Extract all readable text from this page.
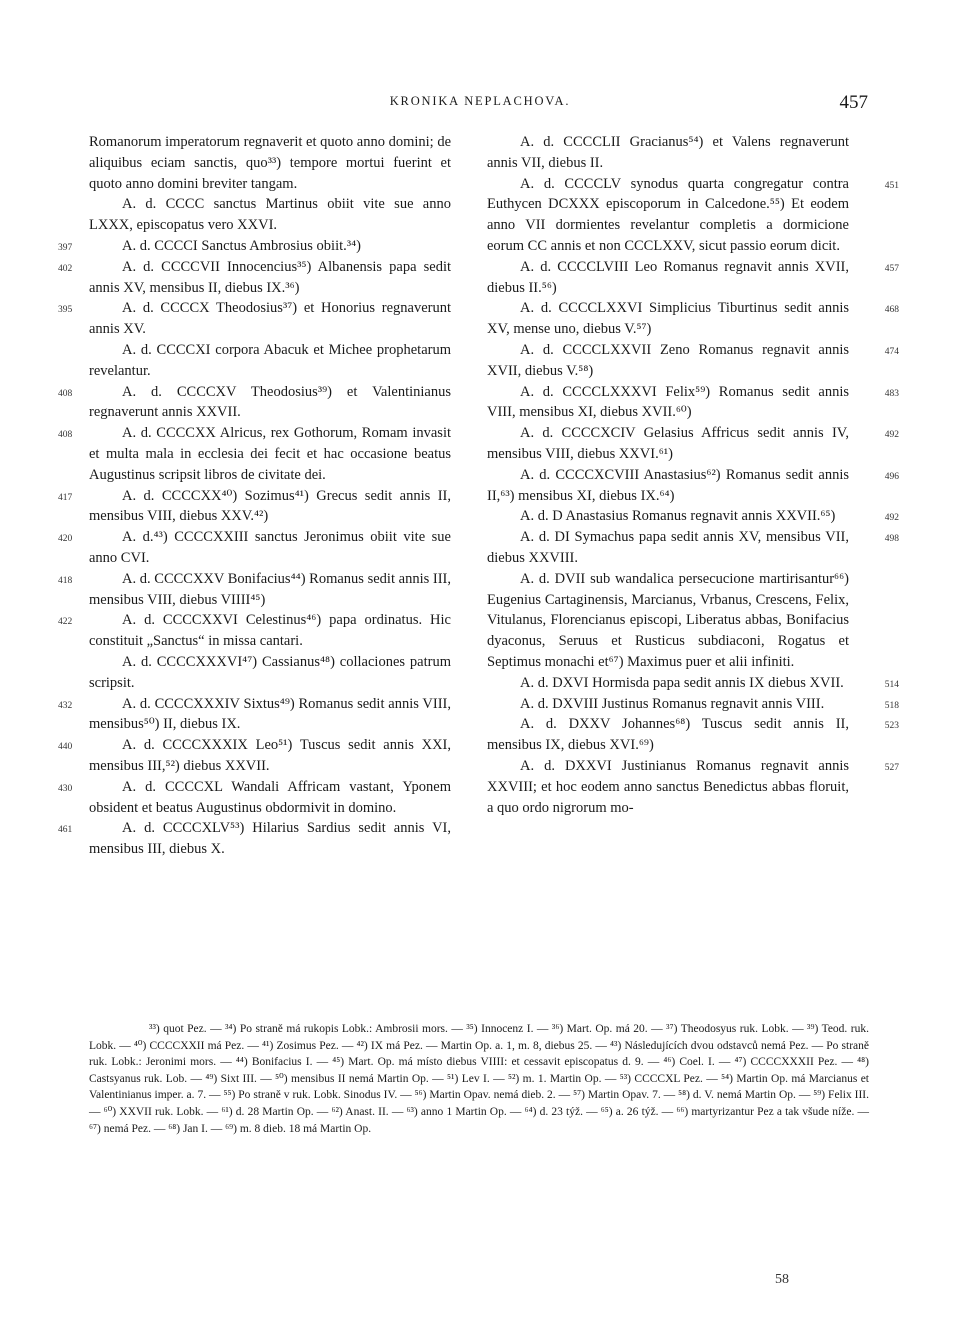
KRONIKA NEPLACHOVA.	457

Romanorum imperatorum regnaverit et quoto anno domini; de aliquibus eciam sanctis, quo³³) tempore mortui fuerint et quoto anno domini breviter tangam.

A. d. CCCC sanctus Martinus obiit vite sue anno LXXX, episcopatus vero XXVI.

397	A. d. CCCCI Sanctus Ambrosius obiit.³⁴)

402	A. d. CCCCVII Innocencius³⁵) Albanensis papa sedit annis XV, mensibus II, diebus IX.³⁶)

395	A. d. CCCCX Theodosius³⁷) et Honorius regnaverunt annis XV.

A. d. CCCCXI corpora Abacuk et Michee prophetarum revelantur.

408	A. d. CCCCXV Theodosius³⁹) et Valentinianus regnaverunt annis XXVII.

408	A. d. CCCCXX Alricus, rex Gothorum, Romam invasit et multa mala in ecclesia dei fecit et hac occasione beatus Augustinus scripsit libros de civitate dei.

417	A. d. CCCCXX⁴⁰) Sozimus⁴¹) Grecus sedit annis II, mensibus VIII, diebus XXV.⁴²)

420	A. d.⁴³) CCCCXXIII sanctus Jeronimus obiit vite sue anno CVI.

418	A. d. CCCCXXV Bonifacius⁴⁴) Romanus sedit annis III, mensibus VIII, diebus VIIII⁴⁵)

422	A. d. CCCCXXVI Celestinus⁴⁶) papa ordinatus. Hic constituit „Sanctus“ in missa cantari.

A. d. CCCCXXXVI⁴⁷) Cassianus⁴⁸) collaciones patrum scripsit.

432	A. d. CCCCXXXIV Sixtus⁴⁹) Romanus sedit annis VIII, mensibus⁵⁰) II, diebus IX.

440	A. d. CCCCXXXIX Leo⁵¹) Tuscus sedit annis XXI, mensibus III,⁵²) diebus XXVII.

430	A. d. CCCCXL Wandali Affricam vastant, Yponem obsident et beatus Augustinus obdormivit in domino.

461	A. d. CCCCXLV⁵³) Hilarius Sardius sedit annis VI, mensibus III, diebus X.

A. d. CCCCLII Gracianus⁵⁴) et Valens regnaverunt annis VII, diebus II.

451
A. d. CCCCLV synodus quarta congregatur contra Euthycen DCXXX episcoporum in Calcedone.⁵⁵) Et eodem anno VII dormientes revelantur completis a dormicione eorum CC annis et non CCCLXXV, sicut passio eorum dicit.

457
A. d. CCCCLVIII Leo Romanus regnavit annis XVII, diebus II.⁵⁶)

468
A. d. CCCCLXXVI Simplicius Tiburtinus sedit annis XV, mense uno, diebus V.⁵⁷)

474
A. d. CCCCLXXVII Zeno Romanus regnavit annis XVII, diebus V.⁵⁸)

483
A. d. CCCCLXXXVI Felix⁵⁹) Romanus sedit annis VIII, mensibus XI, diebus XVII.⁶⁰)

492
A. d. CCCCXCIV Gelasius Affricus sedit annis IV, mensibus VIII, diebus XXVI.⁶¹)

496
A. d. CCCCXCVIII Anastasius⁶²) Romanus sedit annis II,⁶³) mensibus XI, diebus IX.⁶⁴)

492
A. d. D Anastasius Romanus regnavit annis XXVII.⁶⁵)

498
A. d. DI Symachus papa sedit annis XV, mensibus VII, diebus XXVIII.

A. d. DVII sub wandalica persecucione martirisantur⁶⁶) Eugenius Cartaginensis, Marcianus, Vrbanus, Crescens, Felix, Vitulanus, Florencianus episcopi, Liberatus abbas, Bonifacius dyaconus, Seruus et Rusticus subdiaconi, Rogatus et Septimus monachi et⁶⁷) Maximus puer et alii infiniti.

514
A. d. DXVI Hormisda papa sedit annis IX diebus XVII.

518
A. d. DXVIII Justinus Romanus regnavit annis VIII.

523
A. d. DXXV Johannes⁶⁸) Tuscus sedit annis II, mensibus IX, diebus XVI.⁶⁹)

527
A. d. DXXVI Justinianus Romanus regnavit annis XXVIII; et hoc eodem anno sanctus Benedictus abbas floruit, a quo ordo nigrorum mo-

³³) quot Pez. — ³⁴) Po straně má rukopis Lobk.: Ambrosii mors. — ³⁵) Innocenz I. — ³⁶) Mart. Op. má 20. — ³⁷) Theodosyus ruk. Lobk. — ³⁹) Teod. ruk. Lobk. — ⁴⁰) CCCCXXII má Pez. — ⁴¹) Zosimus Pez. — ⁴²) IX má Pez. — Martin Op. a. 1, m. 8, diebus 25. — ⁴³) Následujících dvou odstavců nemá Pez. — Po straně ruk. Lobk.: Jeronimi mors. — ⁴⁴) Bonifacius I. — ⁴⁵) Mart. Op. má místo diebus VIIII: et cessavit episcopatus d. 9. — ⁴⁶) Coel. I. — ⁴⁷) CCCCXXXII Pez. — ⁴⁸) Castsyanus ruk. Lob. — ⁴⁹) Sixt III. — ⁵⁰) mensibus II nemá Martin Op. — ⁵¹) Lev I. — ⁵²) m. 1. Martin Op. — ⁵³) CCCCXL Pez. — ⁵⁴) Martin Op. má Marcianus et Valentinianus imper. a. 7. — ⁵⁵) Po straně v ruk. Lobk. Sinodus IV. — ⁵⁶) Martin Opav. nemá dieb. 2. — ⁵⁷) Martin Opav. 7. — ⁵⁸) d. V. nemá Martin Op. — ⁵⁹) Felix III. — ⁶⁰) XXVII ruk. Lobk. — ⁶¹) d. 28 Martin Op. — ⁶²) Anast. II. — ⁶³) anno 1 Martin Op. — ⁶⁴) d. 23 týž. — ⁶⁵) a. 26 týž. — ⁶⁶) martyrizantur Pez a tak všude níže. — ⁶⁷) nemá Pez. — ⁶⁸) Jan I. — ⁶⁹) m. 8 dieb. 18 má Martin Op.
58
